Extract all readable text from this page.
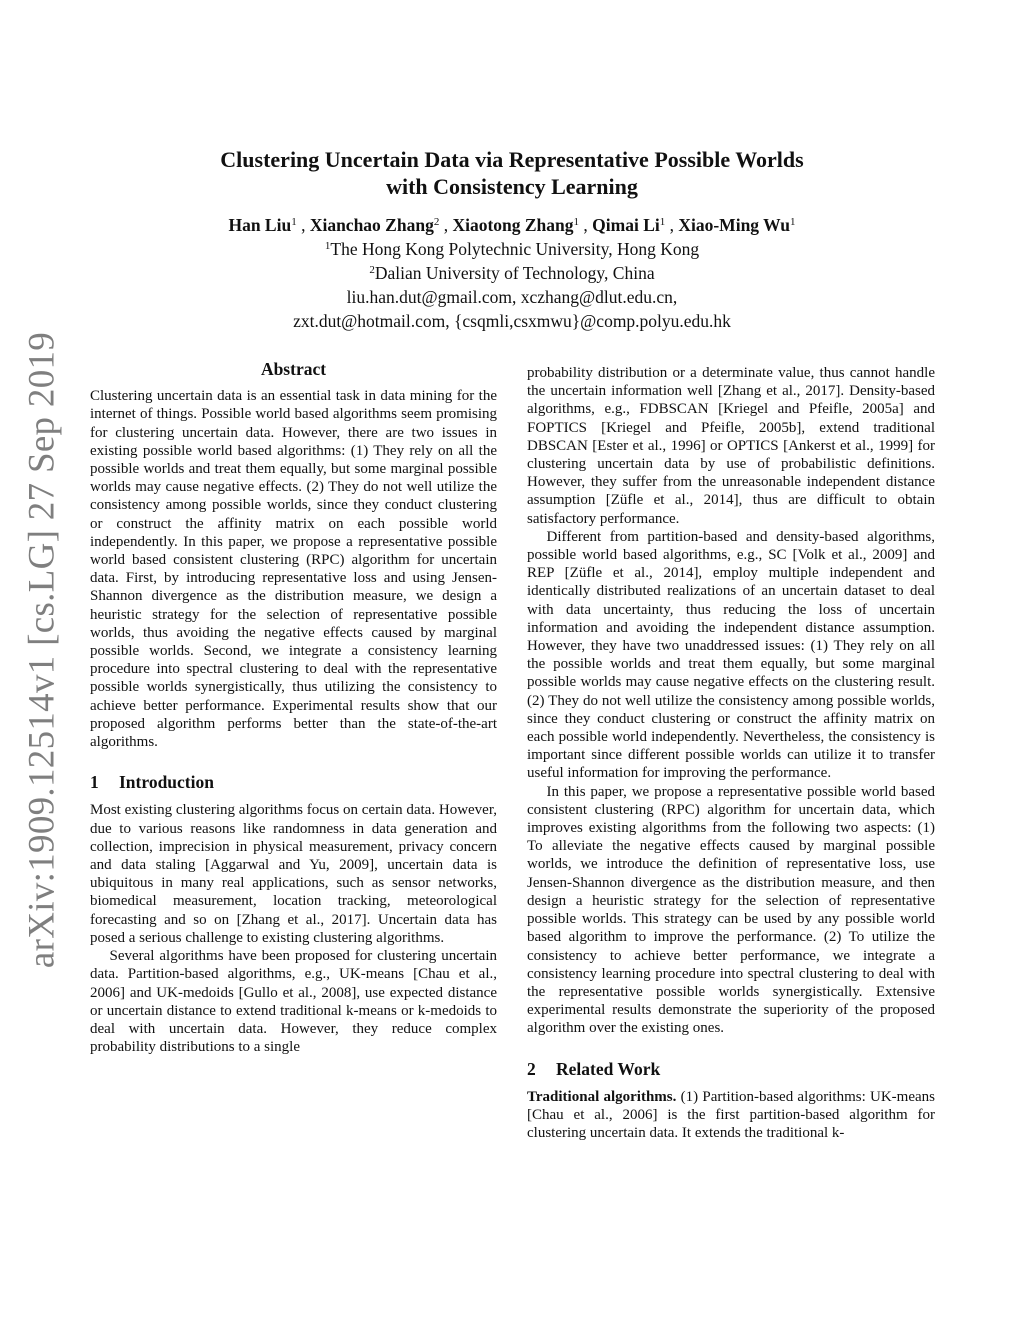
arXiv:1909.12514v1 [cs.LG] 27 Sep 2019
Clustering Uncertain Data via Representative Possible Worlds
with Consistency Learning
Han Liu$^1$ , Xianchao Zhang$^2$ , Xiaotong Zhang$^1$ , Qimai Li$^1$ , Xiao-Ming Wu$^1$
$^1$The Hong Kong Polytechnic University, Hong Kong
$^2$Dalian University of Technology, China
liu.han.dut@gmail.com, xczhang@dlut.edu.cn,
zxt.dut@hotmail.com, {csqmli,csxmwu}@comp.polyu.edu.hk
Abstract

Clustering uncertain data is an essential task in data mining for the internet of things. Possible world based algorithms seem promising for clustering uncertain data. However, there are two issues in existing possible world based algorithms: (1) They rely on all the possible worlds and treat them equally, but some marginal possible worlds may cause negative effects. (2) They do not well utilize the consistency among possible worlds, since they conduct clustering or construct the affinity matrix on each possible world independently. In this paper, we propose a representative possible world based consistent clustering (RPC) algorithm for uncertain data. First, by introducing representative loss and using Jensen-Shannon divergence as the distribution measure, we design a heuristic strategy for the selection of representative possible worlds, thus avoiding the negative effects caused by marginal possible worlds. Second, we integrate a consistency learning procedure into spectral clustering to deal with the representative possible worlds synergistically, thus utilizing the consistency to achieve better performance. Experimental results show that our proposed algorithm performs better than the state-of-the-art algorithms.

1 Introduction

Most existing clustering algorithms focus on certain data. However, due to various reasons like randomness in data generation and collection, imprecision in physical measurement, privacy concern and data staling [Aggarwal and Yu, 2009], uncertain data is ubiquitous in many real applications, such as sensor networks, biomedical measurement, location tracking, meteorological forecasting and so on [Zhang et al., 2017]. Uncertain data has posed a serious challenge to existing clustering algorithms.

Several algorithms have been proposed for clustering uncertain data. Partition-based algorithms, e.g., UK-means [Chau et al., 2006] and UK-medoids [Gullo et al., 2008], use expected distance or uncertain distance to extend traditional k-means or k-medoids to deal with uncertain data. However, they reduce complex probability distributions to a single

probability distribution or a determinate value, thus cannot handle the uncertain information well [Zhang et al., 2017]. Density-based algorithms, e.g., FDBSCAN [Kriegel and Pfeifle, 2005a] and FOPTICS [Kriegel and Pfeifle, 2005b], extend traditional DBSCAN [Ester et al., 1996] or OPTICS [Ankerst et al., 1999] for clustering uncertain data by use of probabilistic definitions. However, they suffer from the unreasonable independent distance assumption [Züfle et al., 2014], thus are difficult to obtain satisfactory performance.

Different from partition-based and density-based algorithms, possible world based algorithms, e.g., SC [Volk et al., 2009] and REP [Züfle et al., 2014], employ multiple independent and identically distributed realizations of an uncertain dataset to deal with data uncertainty, thus reducing the loss of uncertain information and avoiding the independent distance assumption. However, they have two unaddressed issues: (1) They rely on all the possible worlds and treat them equally, but some marginal possible worlds may cause negative effects on the clustering result. (2) They do not well utilize the consistency among possible worlds, since they conduct clustering or construct the affinity matrix on each possible world independently. Nevertheless, the consistency is important since different possible worlds can utilize it to transfer useful information for improving the performance.

In this paper, we propose a representative possible world based consistent clustering (RPC) algorithm for uncertain data, which improves existing algorithms from the following two aspects: (1) To alleviate the negative effects caused by marginal possible worlds, we introduce the definition of representative loss, use Jensen-Shannon divergence as the distribution measure, and then design a heuristic strategy for the selection of representative possible worlds. This strategy can be used by any possible world based algorithm to improve the performance. (2) To utilize the consistency to achieve better performance, we integrate a consistency learning procedure into spectral clustering to deal with the representative possible worlds synergistically. Extensive experimental results demonstrate the superiority of the proposed algorithm over the existing ones.

2 Related Work

Traditional algorithms. (1) Partition-based algorithms: UK-means [Chau et al., 2006] is the first partition-based algorithm for clustering uncertain data. It extends the traditional k-
